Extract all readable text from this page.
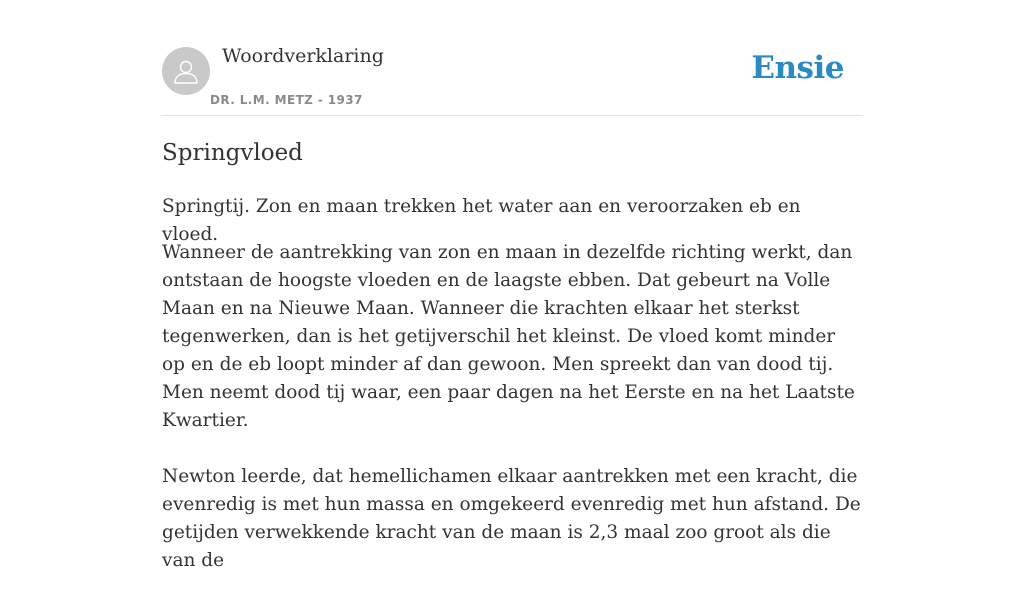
Woordverklaring
DR. L.M. METZ - 1937
Ensie
Springvloed

Springtij. Zon en maan trekken het water aan en veroorzaken eb en vloed.

Wanneer de aantrekking van zon en maan in dezelfde richting werkt, dan ontstaan de hoogste vloeden en de laagste ebben. Dat gebeurt na Volle Maan en na Nieuwe Maan. Wanneer die krachten elkaar het sterkst tegenwerken, dan is het getijverschil het kleinst. De vloed komt minder op en de eb loopt minder af dan gewoon. Men spreekt dan van dood tij. Men neemt dood tij waar, een paar dagen na het Eerste en na het Laatste Kwartier.

Newton leerde, dat hemellichamen elkaar aantrekken met een kracht, die evenredig is met hun massa en omgekeerd evenredig met hun afstand. De getijden verwekkende kracht van de maan is 2,3 maal zoo groot als die van de
